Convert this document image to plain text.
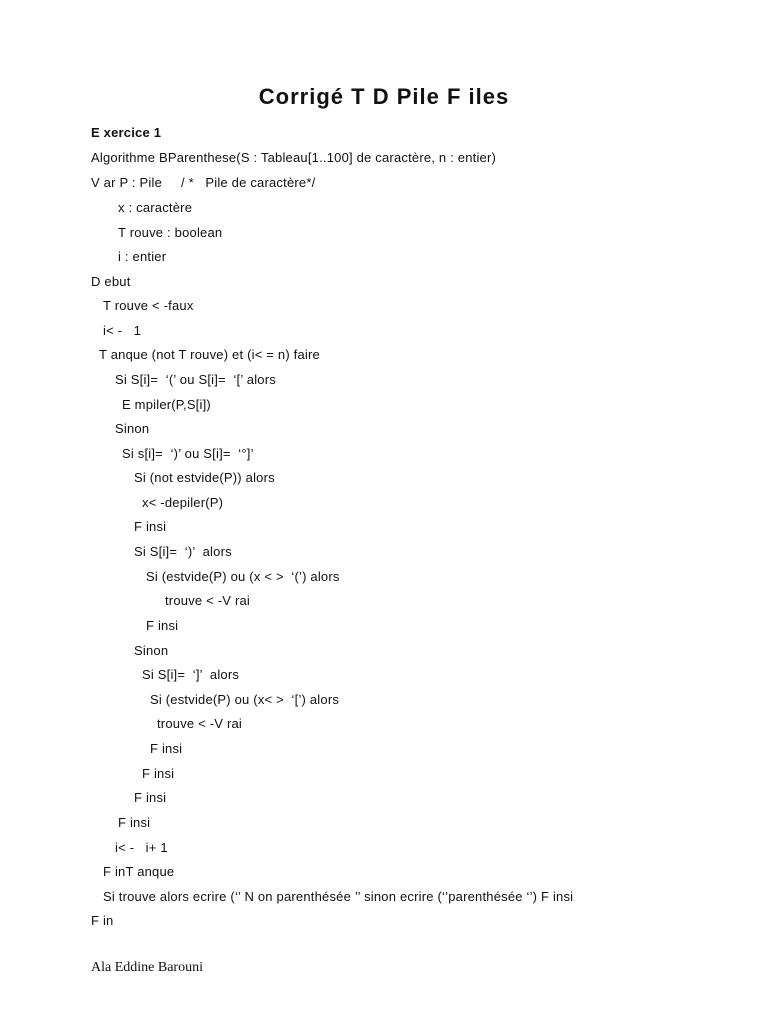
Corrigé T D Pile F iles
E xercice 1
Algorithme BParenthese(S : Tableau[1..100] de caractère, n : entier)
V ar P : Pile     / *   Pile de caractère*/
x : caractère
T rouve : boolean
i : entier
D ebut
T rouve < -faux
i< -   1
T anque (not T rouve) et (i< = n) faire
Si S[i]=  ‘(’ ou S[i]=  ‘[’ alors
E mpiler(P,S[i])
Sinon
Si s[i]=  ‘)’ ou S[i]=  ‘°]’
Si (not estvide(P)) alors
x< -depiler(P)
F insi
Si S[i]=  ‘)’  alors
Si (estvide(P) ou (x < >  ‘(’) alors
trouve < -V rai
F insi
Sinon
Si S[i]=  ‘]’  alors
Si (estvide(P) ou (x< >  ‘[’) alors
trouve < -V rai
F insi
F insi
F insi
F insi
i< -   i+ 1
F inT anque
Si trouve alors ecrire (‘’ N on parenthésée ’’ sinon ecrire (‘’parenthésée ‘’) F insi
F in
Ala Eddine Barouni
